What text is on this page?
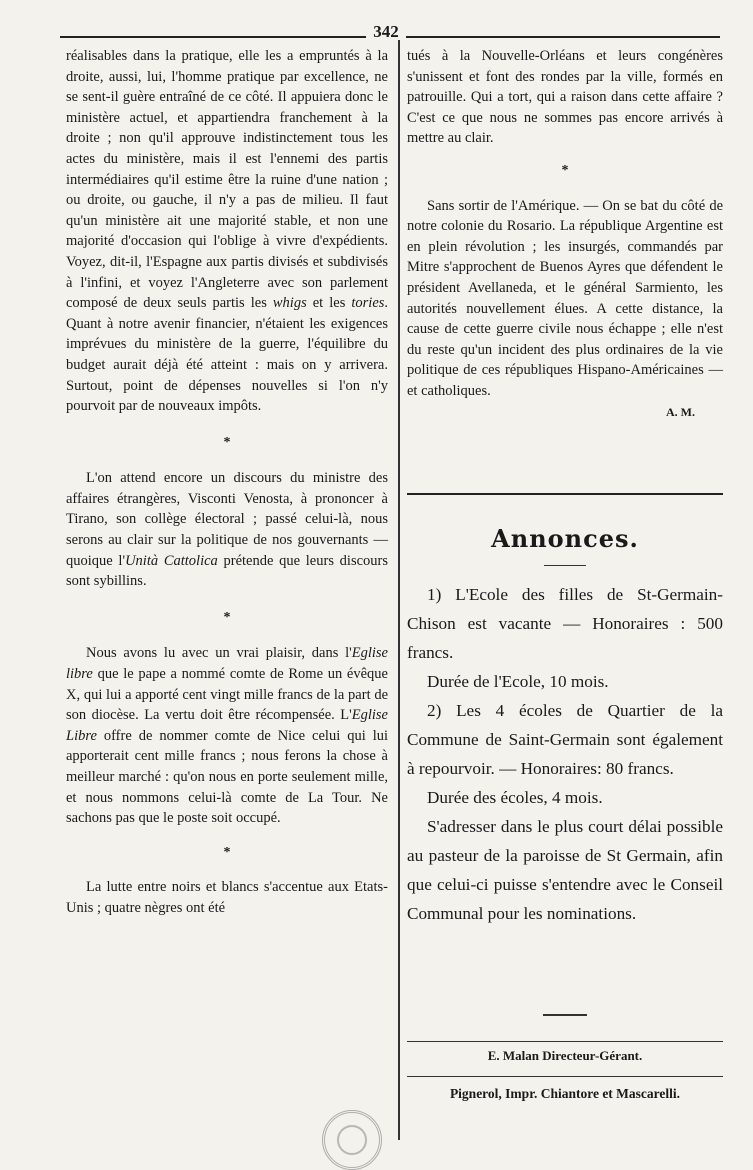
342

réalisables dans la pratique, elle les a empruntés à la droite, aussi, lui, l'homme pratique par excellence, ne se sent-il guère entraîné de ce côté. Il appuiera donc le ministère actuel, et appartiendra franchement à la droite ; non qu'il approuve indistinctement tous les actes du ministère, mais il est l'ennemi des partis intermédiaires qu'il estime être la ruine d'une nation ; ou droite, ou gauche, il n'y a pas de milieu. Il faut qu'un ministère ait une majorité stable, et non une majorité d'occasion qui l'oblige à vivre d'expédients. Voyez, dit-il, l'Espagne aux partis divisés et subdivisés à l'infini, et voyez l'Angleterre avec son parlement composé de deux seuls partis les whigs et les tories. Quant à notre avenir financier, n'étaient les exigences imprévues du ministère de la guerre, l'équilibre du budget aurait déjà été atteint : mais on y arrivera. Surtout, point de dépenses nouvelles si l'on n'y pourvoit par de nouveaux impôts.

*

L'on attend encore un discours du ministre des affaires étrangères, Visconti Venosta, à prononcer à Tirano, son collège électoral ; passé celui-là, nous serons au clair sur la politique de nos gouvernants — quoique l'Unità Cattolica prétende que leurs discours sont sybillins.

*

Nous avons lu avec un vrai plaisir, dans l'Eglise libre que le pape a nommé comte de Rome un évêque X, qui lui a apporté cent vingt mille francs de la part de son diocèse. La vertu doit être récompensée. L'Eglise Libre offre de nommer comte de Nice celui qui lui apporterait cent mille francs ; nous ferons la chose à meilleur marché : qu'on nous en porte seulement mille, et nous nommons celui-là comte de La Tour. Ne sachons pas que le poste soit occupé.

*

La lutte entre noirs et blancs s'accentue aux Etats-Unis ; quatre nègres ont été

tués à la Nouvelle-Orléans et leurs congénères s'unissent et font des rondes par la ville, formés en patrouille. Qui a tort, qui a raison dans cette affaire ? C'est ce que nous ne sommes pas encore arrivés à mettre au clair.

*

Sans sortir de l'Amérique. — On se bat du côté de notre colonie du Rosario. La république Argentine est en plein révolution ; les insurgés, commandés par Mitre s'approchent de Buenos Ayres que défendent le président Avellaneda, et le général Sarmiento, les autorités nouvellement élues. A cette distance, la cause de cette guerre civile nous échappe ; elle n'est du reste qu'un incident des plus ordinaires de la vie politique de ces républiques Hispano-Américaines — et catholiques.

A. M.

Annonces.

1) L'Ecole des filles de St-Germain-Chison est vacante — Honoraires : 500 francs.

Durée de l'Ecole, 10 mois.

2) Les 4 écoles de Quartier de la Commune de Saint-Germain sont également à repourvoir. — Honoraires: 80 francs.

Durée des écoles, 4 mois.

S'adresser dans le plus court délai possible au pasteur de la paroisse de St Germain, afin que celui-ci puisse s'entendre avec le Conseil Communal pour les nominations.

E. Malan Directeur-Gérant.
Pignerol, Impr. Chiantore et Mascarelli.
